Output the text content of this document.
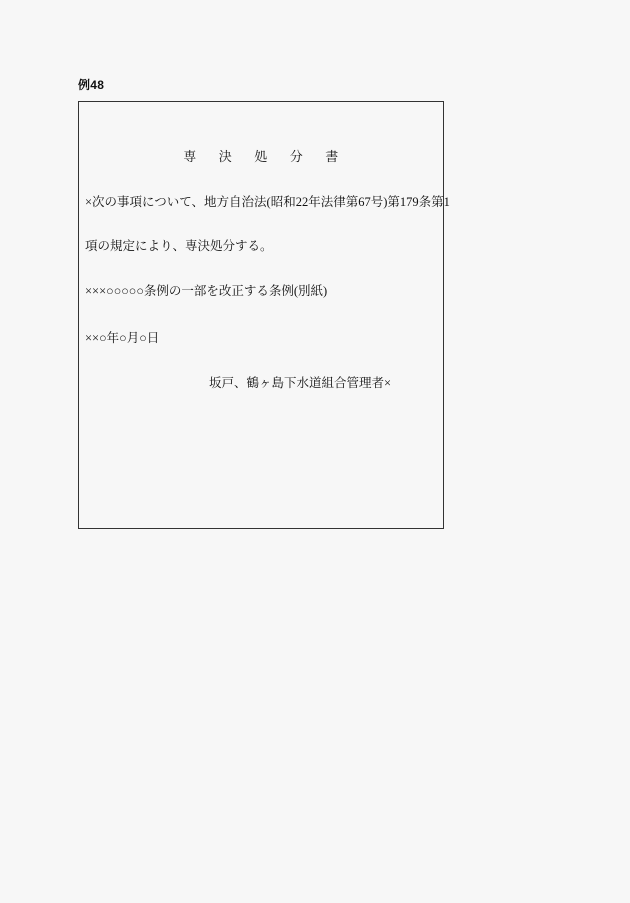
例48
専 決 処 分 書
×次の事項について、地方自治法(昭和22年法律第67号)第179条第1
項の規定により、専決処分する。
×××○○○○○条例の一部を改正する条例(別紙)
××○年○月○日
坂戸、鶴ヶ島下水道組合管理者×
